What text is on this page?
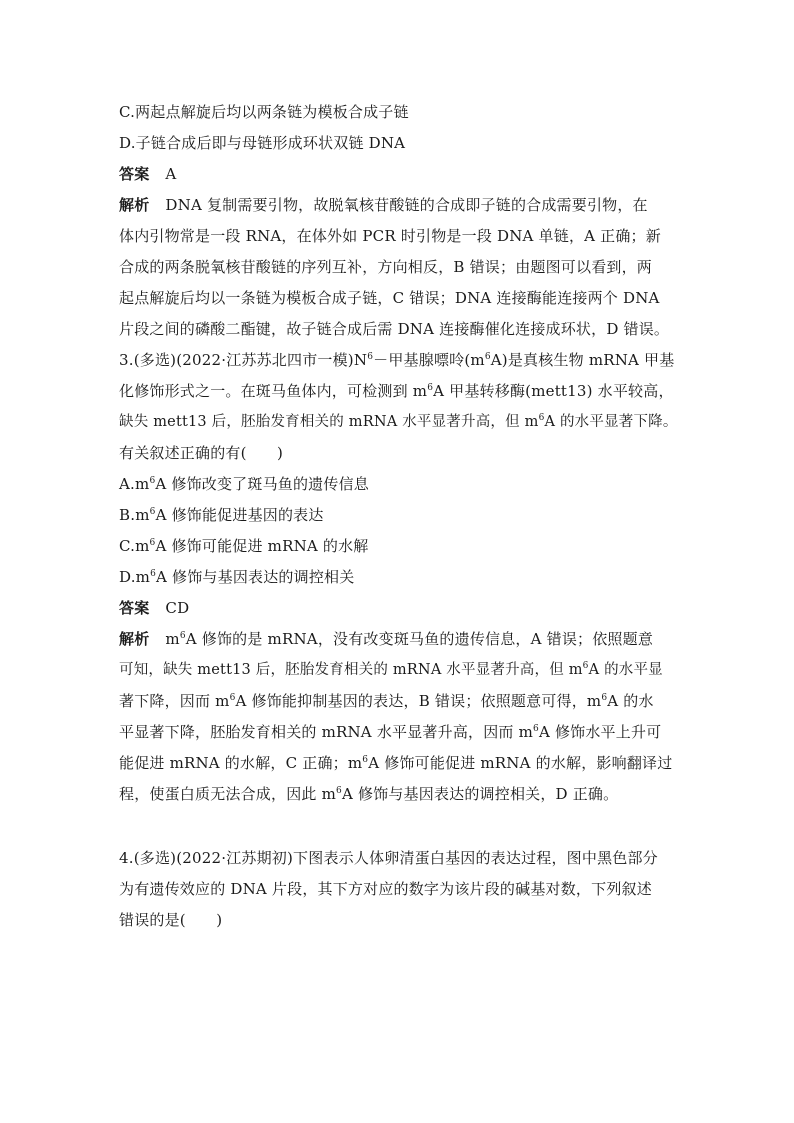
C.两起点解旋后均以两条链为模板合成子链
D.子链合成后即与母链形成环状双链 DNA
答案 A
解析 DNA 复制需要引物，故脱氧核苷酸链的合成即子链的合成需要引物，在
体内引物常是一段 RNA，在体外如 PCR 时引物是一段 DNA 单链，A 正确；新
合成的两条脱氧核苷酸链的序列互补，方向相反，B 错误；由题图可以看到，两
起点解旋后均以一条链为模板合成子链，C 错误；DNA 连接酶能连接两个 DNA
片段之间的磷酸二酯键，故子链合成后需 DNA 连接酶催化连接成环状，D 错误。
3.(多选)(2022·江苏苏北四市一模)$N^6-$甲基腺嘌呤$(m^6A)$是真核生物 mRNA 甲基
化修饰形式之一。在斑马鱼体内，可检测到 $m^6A$ 甲基转移酶(mett13) 水平较高，
缺失 mett13 后，胚胎发育相关的 mRNA 水平显著升高，但 $m^6A$ 的水平显著下降。
有关叙述正确的有(　　)
$A.m^6A$ 修饰改变了斑马鱼的遗传信息
$B.m^6A$ 修饰能促进基因的表达
$C.m^6A$ 修饰可能促进 mRNA 的水解
$D.m^6A$ 修饰与基因表达的调控相关
答案 CD
解析 $m^6A$ 修饰的是 mRNA，没有改变斑马鱼的遗传信息，A 错误；依照题意
可知，缺失 mett13 后，胚胎发育相关的 mRNA 水平显著升高，但 $m^6A$ 的水平显
著下降，因而 $m^6A$ 修饰能抑制基因的表达，B 错误；依照题意可得，$m^6A$ 的水
平显著下降，胚胎发育相关的 mRNA 水平显著升高，因而 $m^6A$ 修饰水平上升可
能促进 mRNA 的水解，C 正确；$m^6A$ 修饰可能促进 mRNA 的水解，影响翻译过
程，使蛋白质无法合成，因此 $m^6A$ 修饰与基因表达的调控相关，D 正确。
4.(多选)(2022·江苏期初)下图表示人体卵清蛋白基因的表达过程，图中黑色部分
为有遗传效应的 DNA 片段，其下方对应的数字为该片段的碱基对数，下列叙述
错误的是(　　)
